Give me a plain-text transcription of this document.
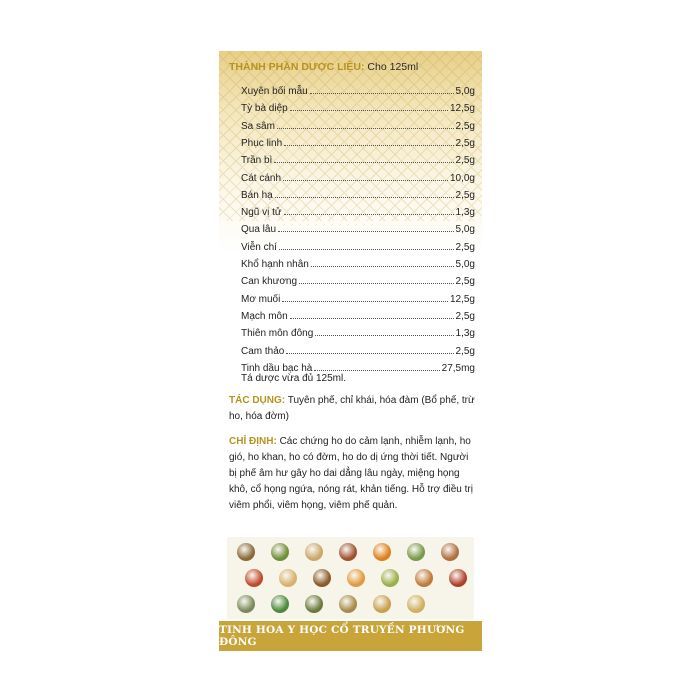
THÀNH PHẦN DƯỢC LIỆU: Cho 125ml
Xuyên bối mẫu	5,0g
Tỳ bà diệp	12,5g
Sa sâm	2,5g
Phục linh	2,5g
Trần bì	2,5g
Cát cánh	10,0g
Bán hạ	2,5g
Ngũ vị tử	1,3g
Qua lâu	5,0g
Viễn chí	2,5g
Khổ hạnh nhân	5,0g
Can khương	2,5g
Mơ muối	12,5g
Mạch môn	2,5g
Thiên môn đông	1,3g
Cam thảo	2,5g
Tinh dầu bạc hà	27,5mg
Tá dược vừa đủ 125ml.
TÁC DỤNG: Tuyên phế, chỉ khái, hóa đàm (Bổ phế, trừ ho, hóa đờm)
CHỈ ĐỊNH: Các chứng ho do cảm lạnh, nhiễm lạnh, ho gió, ho khan, ho có đờm, ho do dị ứng thời tiết. Người bị phế âm hư gây ho dai dẳng lâu ngày, miệng họng khô, cổ họng ngứa, nóng rát, khản tiếng. Hỗ trợ điều trị viêm phổi, viêm họng, viêm phế quản.
TINH HOA Y HỌC CỔ TRUYỀN PHƯƠNG ĐÔNG
